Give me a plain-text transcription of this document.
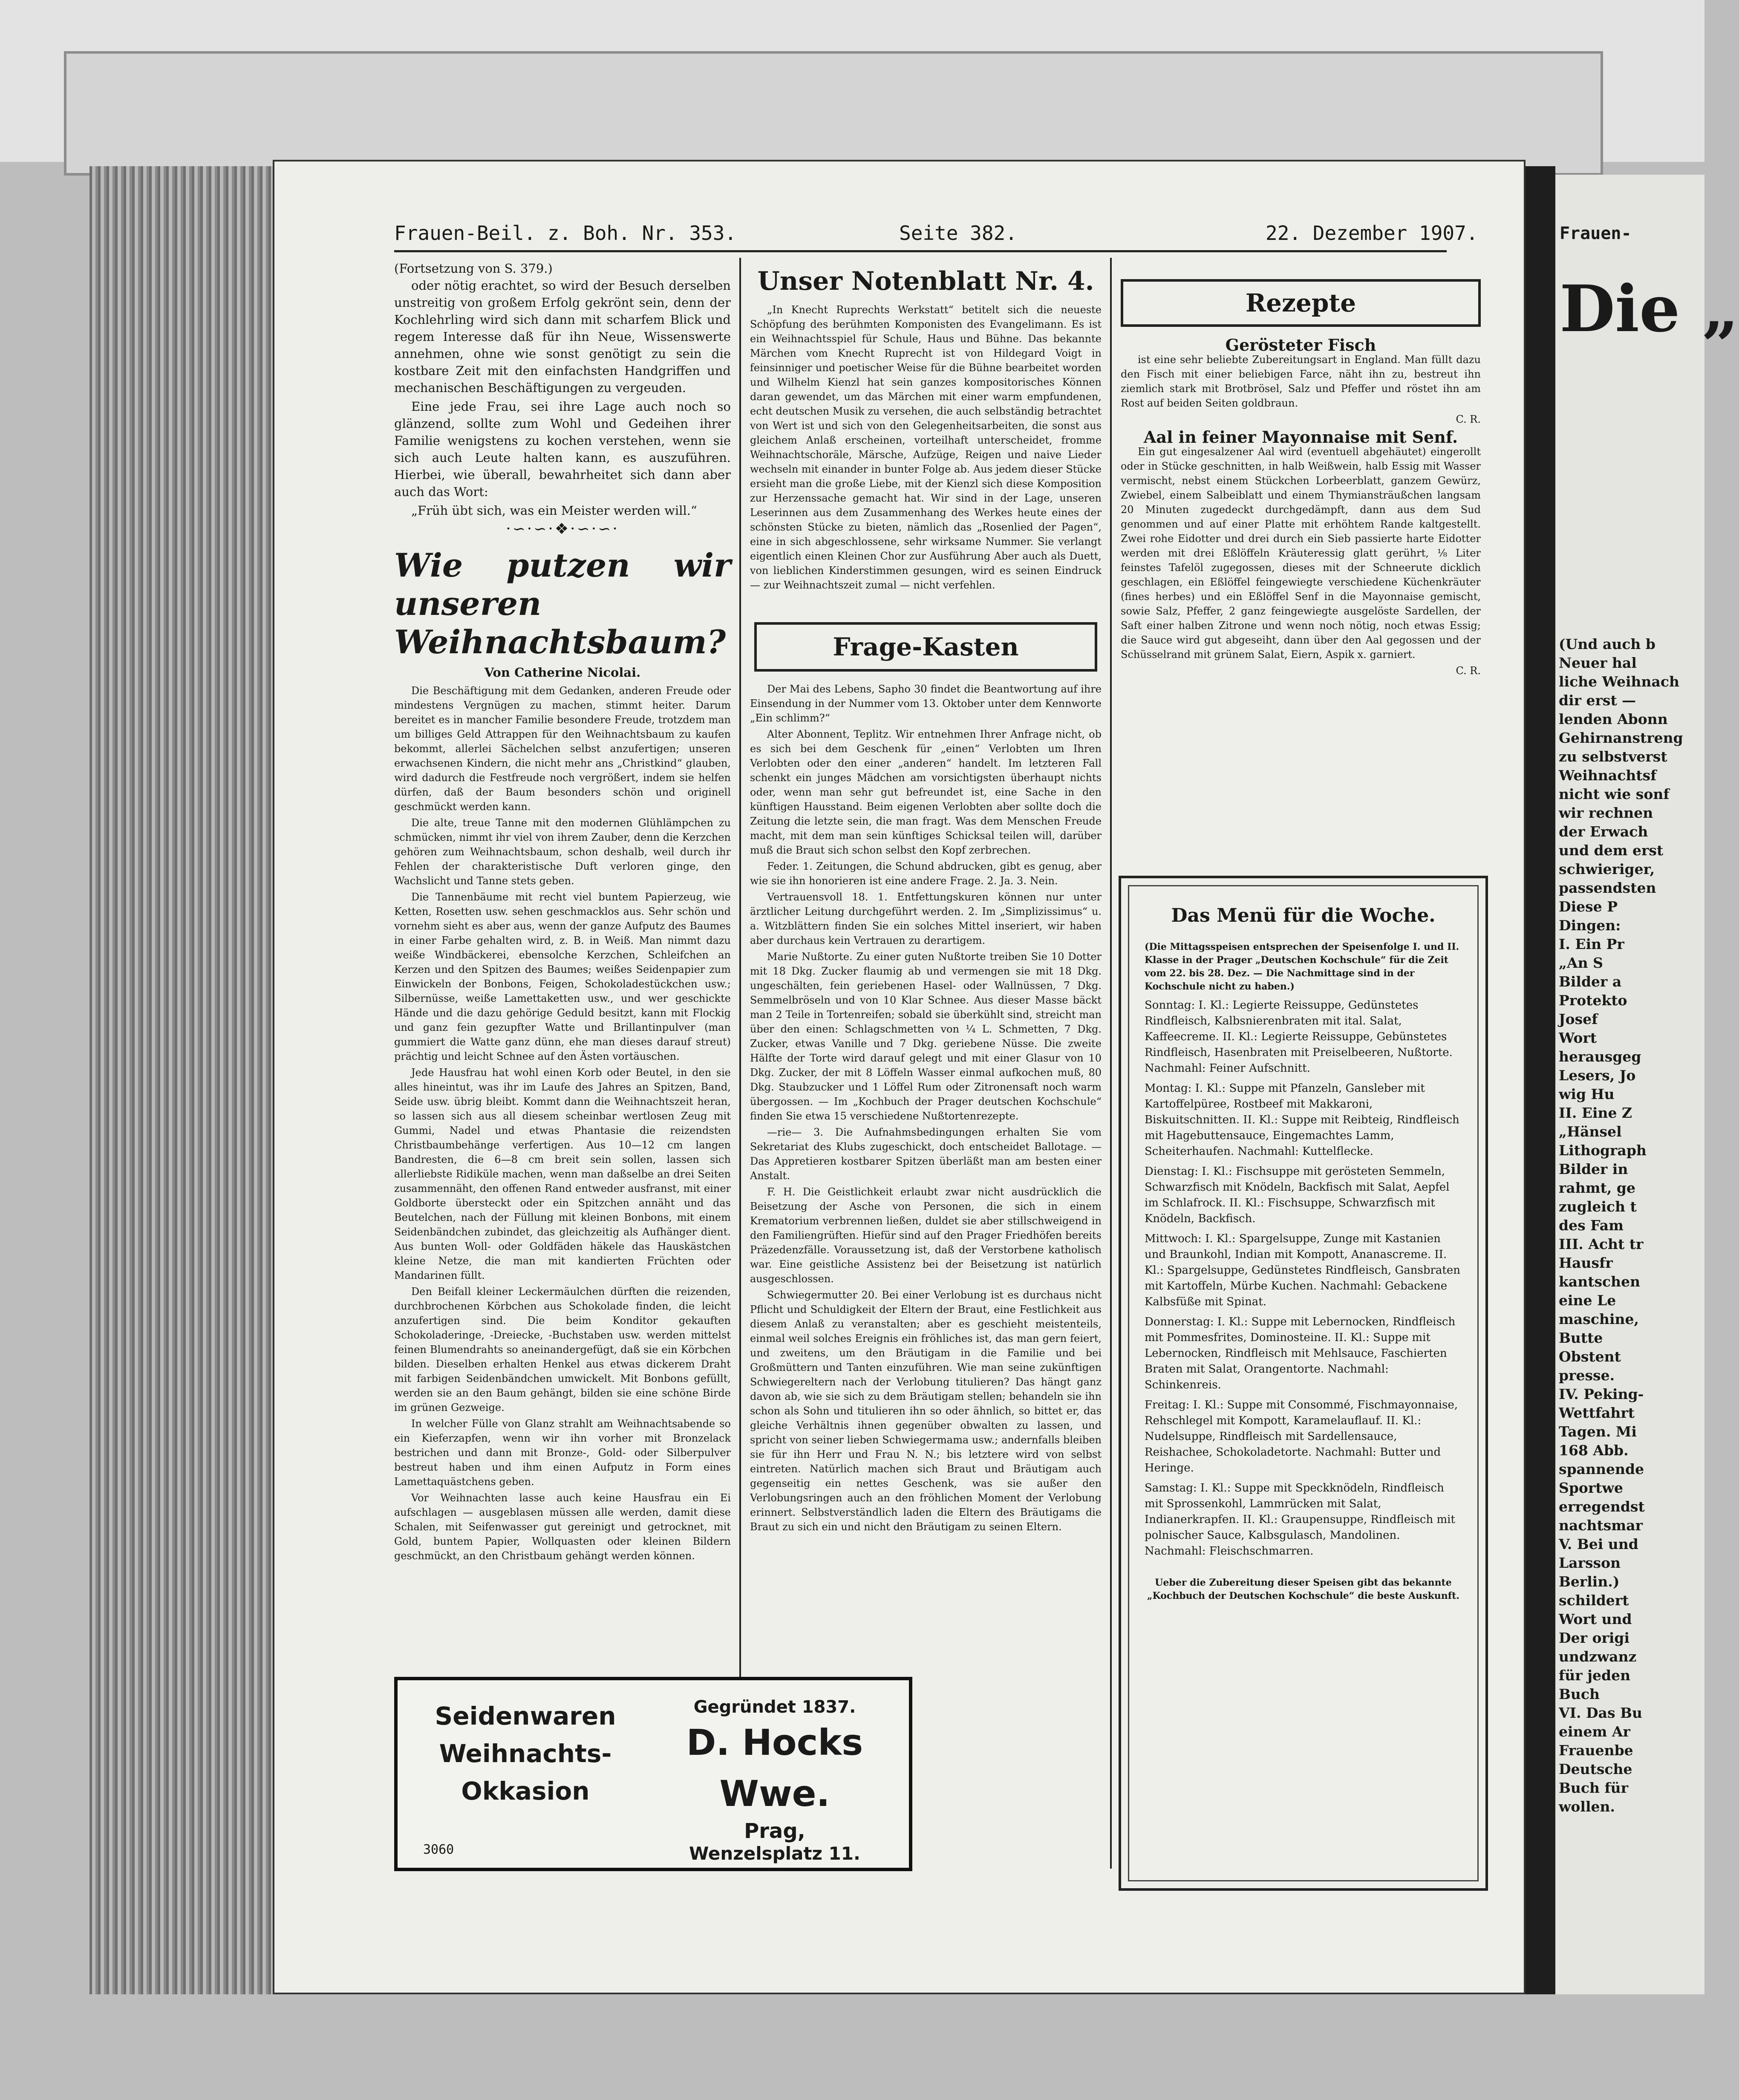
Frauen-Beil. z. Boh. Nr. 353.	Seite 382.	22. Dezember 1907.
(Fortsetzung von S. 379.)

oder nötig erachtet, so wird der Besuch derselben unstreitig von großem Erfolg gekrönt sein, denn der Kochlehrling wird sich dann mit scharfem Blick und regem Interesse daß für ihn Neue, Wissenswerte annehmen, ohne wie sonst genötigt zu sein die kostbare Zeit mit den einfachsten Handgriffen und mechanischen Beschäftigungen zu vergeuden.

Eine jede Frau, sei ihre Lage auch noch so glänzend, sollte zum Wohl und Gedeihen ihrer Familie wenigstens zu kochen verstehen, wenn sie sich auch Leute halten kann, es auszuführen. Hierbei, wie überall, bewahrheitet sich dann aber auch das Wort:

„Früh übt sich, was ein Meister werden will.“

·∽·∽·❖·∽·∽·
Wie putzen wir unseren Weihnachtsbaum?
Von Catherine Nicolai.

Die Beschäftigung mit dem Gedanken, anderen Freude oder mindestens Vergnügen zu machen, stimmt heiter. Darum bereitet es in mancher Familie besondere Freude, trotzdem man um billiges Geld Attrappen für den Weihnachtsbaum zu kaufen bekommt, allerlei Sächelchen selbst anzufertigen; unseren erwachsenen Kindern, die nicht mehr ans „Christkind“ glauben, wird dadurch die Festfreude noch vergrößert, indem sie helfen dürfen, daß der Baum besonders schön und originell geschmückt werden kann.

Die alte, treue Tanne mit den modernen Glühlämpchen zu schmücken, nimmt ihr viel von ihrem Zauber, denn die Kerzchen gehören zum Weihnachtsbaum, schon deshalb, weil durch ihr Fehlen der charakteristische Duft verloren ginge, den Wachslicht und Tanne stets geben.

Die Tannenbäume mit recht viel buntem Papierzeug, wie Ketten, Rosetten usw. sehen geschmacklos aus. Sehr schön und vornehm sieht es aber aus, wenn der ganze Aufputz des Baumes in einer Farbe gehalten wird, z. B. in Weiß. Man nimmt dazu weiße Windbäckerei, ebensolche Kerzchen, Schleifchen an Kerzen und den Spitzen des Baumes; weißes Seidenpapier zum Einwickeln der Bonbons, Feigen, Schokoladestückchen usw.; Silbernüsse, weiße Lamettaketten usw., und wer geschickte Hände und die dazu gehörige Geduld besitzt, kann mit Flockig und ganz fein gezupfter Watte und Brillantinpulver (man gummiert die Watte ganz dünn, ehe man dieses darauf streut) prächtig und leicht Schnee auf den Ästen vortäuschen.

Jede Hausfrau hat wohl einen Korb oder Beutel, in den sie alles hineintut, was ihr im Laufe des Jahres an Spitzen, Band, Seide usw. übrig bleibt. Kommt dann die Weihnachtszeit heran, so lassen sich aus all diesem scheinbar wertlosen Zeug mit Gummi, Nadel und etwas Phantasie die reizendsten Christbaumbehänge verfertigen. Aus 10—12 cm langen Bandresten, die 6—8 cm breit sein sollen, lassen sich allerliebste Ridiküle machen, wenn man daßselbe an drei Seiten zusammennäht, den offenen Rand entweder ausfranst, mit einer Goldborte übersteckt oder ein Spitzchen annäht und das Beutelchen, nach der Füllung mit kleinen Bonbons, mit einem Seidenbändchen zubindet, das gleichzeitig als Aufhänger dient. Aus bunten Woll- oder Goldfäden häkele das Hauskästchen kleine Netze, die man mit kandierten Früchten oder Mandarinen füllt.

Den Beifall kleiner Leckermäulchen dürften die reizenden, durchbrochenen Körbchen aus Schokolade finden, die leicht anzufertigen sind. Die beim Konditor gekauften Schokoladeringe, -Dreiecke, -Buchstaben usw. werden mittelst feinen Blumendrahts so aneinandergefügt, daß sie ein Körbchen bilden. Dieselben erhalten Henkel aus etwas dickerem Draht mit farbigen Seidenbändchen umwickelt. Mit Bonbons gefüllt, werden sie an den Baum gehängt, bilden sie eine schöne Birde im grünen Gezweige.

In welcher Fülle von Glanz strahlt am Weihnachtsabende so ein Kieferzapfen, wenn wir ihn vorher mit Bronzelack bestrichen und dann mit Bronze-, Gold- oder Silberpulver bestreut haben und ihm einen Aufputz in Form eines Lamettaquästchens geben.

Vor Weihnachten lasse auch keine Hausfrau ein Ei aufschlagen — ausgeblasen müssen alle werden, damit diese Schalen, mit Seifenwasser gut gereinigt und getrocknet, mit Gold, buntem Papier, Wollquasten oder kleinen Bildern geschmückt, an den Christbaum gehängt werden können.

Seidenwaren
Weihnachts-
Okkasion
Gegründet 1837.
D. Hocks Wwe.
Prag,
Wenzelsplatz 11.
3060
Unser Notenblatt Nr. 4.

„In Knecht Ruprechts Werkstatt“ betitelt sich die neueste Schöpfung des berühmten Komponisten des Evangelimann. Es ist ein Weihnachtsspiel für Schule, Haus und Bühne. Das bekannte Märchen vom Knecht Ruprecht ist von Hildegard Voigt in feinsinniger und poetischer Weise für die Bühne bearbeitet worden und Wilhelm Kienzl hat sein ganzes kompositorisches Können daran gewendet, um das Märchen mit einer warm empfundenen, echt deutschen Musik zu versehen, die auch selbständig betrachtet von Wert ist und sich von den Gelegenheitsarbeiten, die sonst aus gleichem Anlaß erscheinen, vorteilhaft unterscheidet, fromme Weihnachtschoräle, Märsche, Aufzüge, Reigen und naive Lieder wechseln mit einander in bunter Folge ab. Aus jedem dieser Stücke ersieht man die große Liebe, mit der Kienzl sich diese Komposition zur Herzenssache gemacht hat. Wir sind in der Lage, unseren Leserinnen aus dem Zusammenhang des Werkes heute eines der schönsten Stücke zu bieten, nämlich das „Rosenlied der Pagen“, eine in sich abgeschlossene, sehr wirksame Nummer. Sie verlangt eigentlich einen Kleinen Chor zur Ausführung Aber auch als Duett, von lieblichen Kinderstimmen gesungen, wird es seinen Eindruck — zur Weihnachtszeit zumal — nicht verfehlen.

Frage-Kasten

Der Mai des Lebens, Sapho 30 findet die Beantwortung auf ihre Einsendung in der Nummer vom 13. Oktober unter dem Kennworte „Ein schlimm?“

Alter Abonnent, Teplitz. Wir entnehmen Ihrer Anfrage nicht, ob es sich bei dem Geschenk für „einen“ Verlobten um Ihren Verlobten oder den einer „anderen“ handelt. Im letzteren Fall schenkt ein junges Mädchen am vorsichtigsten überhaupt nichts oder, wenn man sehr gut befreundet ist, eine Sache in den künftigen Hausstand. Beim eigenen Verlobten aber sollte doch die Zeitung die letzte sein, die man fragt. Was dem Menschen Freude macht, mit dem man sein künftiges Schicksal teilen will, darüber muß die Braut sich schon selbst den Kopf zerbrechen.

Feder. 1. Zeitungen, die Schund abdrucken, gibt es genug, aber wie sie ihn honorieren ist eine andere Frage. 2. Ja. 3. Nein.

Vertrauensvoll 18. 1. Entfettungskuren können nur unter ärztlicher Leitung durchgeführt werden. 2. Im „Simplizissimus“ u. a. Witzblättern finden Sie ein solches Mittel inseriert, wir haben aber durchaus kein Vertrauen zu derartigem.

Marie Nußtorte. Zu einer guten Nußtorte treiben Sie 10 Dotter mit 18 Dkg. Zucker flaumig ab und vermengen sie mit 18 Dkg. ungeschälten, fein geriebenen Hasel- oder Wallnüssen, 7 Dkg. Semmelbröseln und von 10 Klar Schnee. Aus dieser Masse bäckt man 2 Teile in Tortenreifen; sobald sie überkühlt sind, streicht man über den einen: Schlagschmetten von ¼ L. Schmetten, 7 Dkg. Zucker, etwas Vanille und 7 Dkg. geriebene Nüsse. Die zweite Hälfte der Torte wird darauf gelegt und mit einer Glasur von 10 Dkg. Zucker, der mit 8 Löffeln Wasser einmal aufkochen muß, 80 Dkg. Staubzucker und 1 Löffel Rum oder Zitronensaft noch warm übergossen. — Im „Kochbuch der Prager deutschen Kochschule“ finden Sie etwa 15 verschiedene Nußtortenrezepte.

—rie— 3. Die Aufnahmsbedingungen erhalten Sie vom Sekretariat des Klubs zugeschickt, doch entscheidet Ballotage. — Das Appretieren kostbarer Spitzen überläßt man am besten einer Anstalt.

F. H. Die Geistlichkeit erlaubt zwar nicht ausdrücklich die Beisetzung der Asche von Personen, die sich in einem Krematorium verbrennen ließen, duldet sie aber stillschweigend in den Familiengrüften. Hiefür sind auf den Prager Friedhöfen bereits Präzedenzfälle. Voraussetzung ist, daß der Verstorbene katholisch war. Eine geistliche Assistenz bei der Beisetzung ist natürlich ausgeschlossen.

Schwiegermutter 20. Bei einer Verlobung ist es durchaus nicht Pflicht und Schuldigkeit der Eltern der Braut, eine Festlichkeit aus diesem Anlaß zu veranstalten; aber es geschieht meistenteils, einmal weil solches Ereignis ein fröhliches ist, das man gern feiert, und zweitens, um den Bräutigam in die Familie und bei Großmüttern und Tanten einzuführen. Wie man seine zukünftigen Schwiegereltern nach der Verlobung titulieren? Das hängt ganz davon ab, wie sie sich zu dem Bräutigam stellen; behandeln sie ihn schon als Sohn und titulieren ihn so oder ähnlich, so bittet er, das gleiche Verhältnis ihnen gegenüber obwalten zu lassen, und spricht von seiner lieben Schwiegermama usw.; andernfalls bleiben sie für ihn Herr und Frau N. N.; bis letztere wird von selbst eintreten. Natürlich machen sich Braut und Bräutigam auch gegenseitig ein nettes Geschenk, was sie außer den Verlobungsringen auch an den fröhlichen Moment der Verlobung erinnert. Selbstverständlich laden die Eltern des Bräutigams die Braut zu sich ein und nicht den Bräutigam zu seinen Eltern.

Rezepte
Gerösteter Fisch

ist eine sehr beliebte Zubereitungsart in England. Man füllt dazu den Fisch mit einer beliebigen Farce, näht ihn zu, bestreut ihn ziemlich stark mit Brotbrösel, Salz und Pfeffer und röstet ihn am Rost auf beiden Seiten goldbraun.

C. R.
Aal in feiner Mayonnaise mit Senf.

Ein gut eingesalzener Aal wird (eventuell abgehäutet) eingerollt oder in Stücke geschnitten, in halb Weißwein, halb Essig mit Wasser vermischt, nebst einem Stückchen Lorbeerblatt, ganzem Gewürz, Zwiebel, einem Salbeiblatt und einem Thymiansträußchen langsam 20 Minuten zugedeckt durchgedämpft, dann aus dem Sud genommen und auf einer Platte mit erhöhtem Rande kaltgestellt. Zwei rohe Eidotter und drei durch ein Sieb passierte harte Eidotter werden mit drei Eßlöffeln Kräuteressig glatt gerührt, ⅛ Liter feinstes Tafelöl zugegossen, dieses mit der Schneerute dicklich geschlagen, ein Eßlöffel feingewiegte verschiedene Küchenkräuter (fines herbes) und ein Eßlöffel Senf in die Mayonnaise gemischt, sowie Salz, Pfeffer, 2 ganz feingewiegte ausgelöste Sardellen, der Saft einer halben Zitrone und wenn noch nötig, noch etwas Essig; die Sauce wird gut abgeseiht, dann über den Aal gegossen und der Schüsselrand mit grünem Salat, Eiern, Aspik x. garniert.

C. R.
Das Menü für die Woche.

(Die Mittagsspeisen entsprechen der Speisenfolge I. und II. Klasse in der Prager „Deutschen Kochschule“ für die Zeit vom 22. bis 28. Dez. — Die Nachmittage sind in der Kochschule nicht zu haben.)

Sonntag: I. Kl.: Legierte Reissuppe, Gedünstetes Rindfleisch, Kalbsnierenbraten mit ital. Salat, Kaffeecreme. II. Kl.: Legierte Reissuppe, Gebünstetes Rindfleisch, Hasenbraten mit Preiselbeeren, Nußtorte. Nachmahl: Feiner Aufschnitt.

Montag: I. Kl.: Suppe mit Pfanzeln, Gansleber mit Kartoffelpüree, Rostbeef mit Makkaroni, Biskuitschnitten. II. Kl.: Suppe mit Reibteig, Rindfleisch mit Hagebuttensauce, Eingemachtes Lamm, Scheiterhaufen. Nachmahl: Kuttelflecke.

Dienstag: I. Kl.: Fischsuppe mit gerösteten Semmeln, Schwarzfisch mit Knödeln, Backfisch mit Salat, Aepfel im Schlafrock. II. Kl.: Fischsuppe, Schwarzfisch mit Knödeln, Backfisch.

Mittwoch: I. Kl.: Spargelsuppe, Zunge mit Kastanien und Braunkohl, Indian mit Kompott, Ananascreme. II. Kl.: Spargelsuppe, Gedünstetes Rindfleisch, Gansbraten mit Kartoffeln, Mürbe Kuchen. Nachmahl: Gebackene Kalbsfüße mit Spinat.

Donnerstag: I. Kl.: Suppe mit Lebernocken, Rindfleisch mit Pommesfrites, Dominosteine. II. Kl.: Suppe mit Lebernocken, Rindfleisch mit Mehlsauce, Faschierten Braten mit Salat, Orangentorte. Nachmahl: Schinkenreis.

Freitag: I. Kl.: Suppe mit Consommé, Fischmayonnaise, Rehschlegel mit Kompott, Karamelauflauf. II. Kl.: Nudelsuppe, Rindfleisch mit Sardellensauce, Reishachee, Schokoladetorte. Nachmahl: Butter und Heringe.

Samstag: I. Kl.: Suppe mit Speckknödeln, Rindfleisch mit Sprossenkohl, Lammrücken mit Salat, Indianerkrapfen. II. Kl.: Graupensuppe, Rindfleisch mit polnischer Sauce, Kalbsgulasch, Mandolinen. Nachmahl: Fleischschmarren.

Ueber die Zubereitung dieser Speisen gibt das bekannte „Kochbuch der Deutschen Kochschule“ die beste Auskunft.

Frauen-
Die „
(Und auch b
Neuer hal
liche Weihnach
dir erst —
lenden Abonn
Gehirnanstreng
zu selbstverst
Weihnachtsf
nicht wie sonf
wir rechnen
der Erwach
und dem erst
schwieriger,
passendsten
Diese P
Dingen:
I. Ein Pr
„An S
Bilder a
Protekto
Josef
Wort
herausgeg
Lesers, Jo
wig Hu
II. Eine Z
„Hänsel
Lithograph
Bilder in
rahmt, ge
zugleich t
des Fam
III. Acht tr
Hausfr
kantschen
eine Le
maschine,
Butte
Obstent
presse.
IV. Peking-
Wettfahrt
Tagen. Mi
168 Abb.
spannende
Sportwe
erregendst
nachtsmar
V. Bei und
Larsson
Berlin.)
schildert
Wort und
Der origi
undzwanz
für jeden
Buch
VI. Das Bu
einem Ar
Frauenbe
Deutsche
Buch für
wollen.
